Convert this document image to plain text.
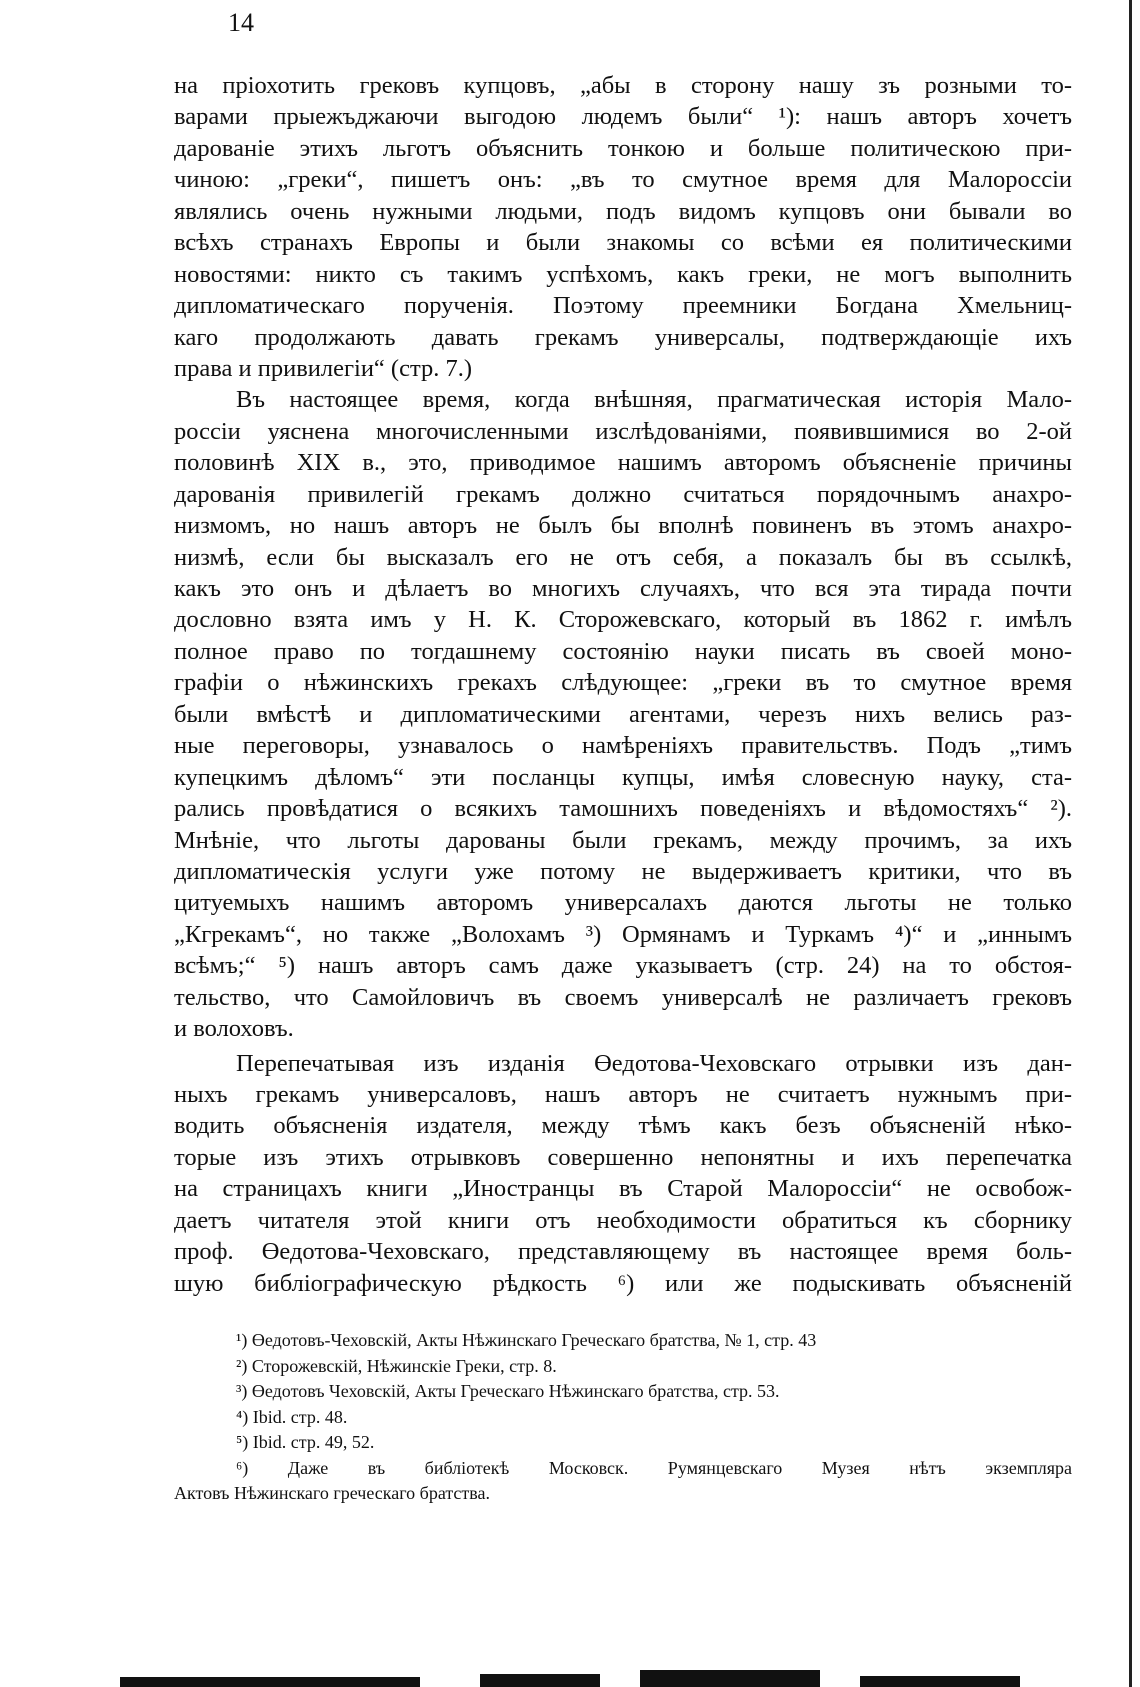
14
на пріохотить грековъ купцовъ, „абы в сторону нашу зъ розными то-
варами прыежъджаючи выгодою людемъ были“ ¹): нашъ авторъ хочетъ
дарованіе этихъ льготъ объяснить тонкою и больше политическою при-
чиною: „греки“, пишетъ онъ: „въ то смутное время для Малороссіи
являлись очень нужными людьми, подъ видомъ купцовъ они бывали во
всѣхъ странахъ Европы и были знакомы со всѣми ея политическими
новостями: никто съ такимъ успѣхомъ, какъ греки, не могъ выполнить
дипломатическаго порученія. Поэтому преемники Богдана Хмельниц-
каго продолжають давать грекамъ универсалы, подтверждающіе ихъ
права и привилегіи“ (стр. 7.)
Въ настоящее время, когда внѣшняя, прагматическая исторія Мало-
россіи уяснена многочисленными изслѣдованіями, появившимися во 2-ой
половинѣ XIX в., это, приводимое нашимъ авторомъ объясненіе причины
дарованія привилегій грекамъ должно считаться порядочнымъ анахро-
низмомъ, но нашъ авторъ не былъ бы вполнѣ повиненъ въ этомъ анахро-
низмѣ, если бы высказалъ его не отъ себя, а показалъ бы въ ссылкѣ,
какъ это онъ и дѣлаетъ во многихъ случаяхъ, что вся эта тирада почти
дословно взята имъ у Н. К. Сторожевскаго, который въ 1862 г. имѣлъ
полное право по тогдашнему состоянію науки писать въ своей моно-
графіи о нѣжинскихъ грекахъ слѣдующее: „греки въ то смутное время
были вмѣстѣ и дипломатическими агентами, черезъ нихъ велись раз-
ные переговоры, узнавалось о намѣреніяхъ правительствъ. Подъ „тимъ
купецкимъ дѣломъ“ эти посланцы купцы, имѣя словесную науку, ста-
рались провѣдатися о всякихъ тамошнихъ поведеніяхъ и вѣдомостяхъ“ ²).
Мнѣніе, что льготы дарованы были грекамъ, между прочимъ, за ихъ
дипломатическія услуги уже потому не выдерживаетъ критики, что въ
цитуемыхъ нашимъ авторомъ универсалахъ даются льготы не только
„Кгрекамъ“, но также „Волохамъ ³) Ормянамъ и Туркамъ ⁴)“ и „иннымъ
всѣмъ;“ ⁵) нашъ авторъ самъ даже указываетъ (стр. 24) на то обстоя-
тельство, что Самойловичъ въ своемъ универсалѣ не различаетъ грековъ
и волоховъ.
Перепечатывая изъ изданія Өедотова-Чеховскаго отрывки изъ дан-
ныхъ грекамъ универсаловъ, нашъ авторъ не считаетъ нужнымъ при-
водить объясненія издателя, между тѣмъ какъ безъ объясненій нѣко-
торые изъ этихъ отрывковъ совершенно непонятны и ихъ перепечатка
на страницахъ книги „Иностранцы въ Старой Малороссіи“ не освобож-
даетъ читателя этой книги отъ необходимости обратиться къ сборнику
проф. Өедотова-Чеховскаго, представляющему въ настоящее время боль-
шую библіографическую рѣдкость ⁶) или же подыскивать объясненій
¹) Өедотовъ-Чеховскій, Акты Нѣжинскаго Греческаго братства, № 1, стр. 43
²) Сторожевскій, Нѣжинскіе Греки, стр. 8.
³) Өедотовъ Чеховскій, Акты Греческаго Нѣжинскаго братства, стр. 53.
⁴) Ibid. стр. 48.
⁵) Ibid. стр. 49, 52.
⁶) Даже въ библіотекѣ Московск. Румянцевскаго Музея нѣтъ экземпляра
Актовъ Нѣжинскаго греческаго братства.
